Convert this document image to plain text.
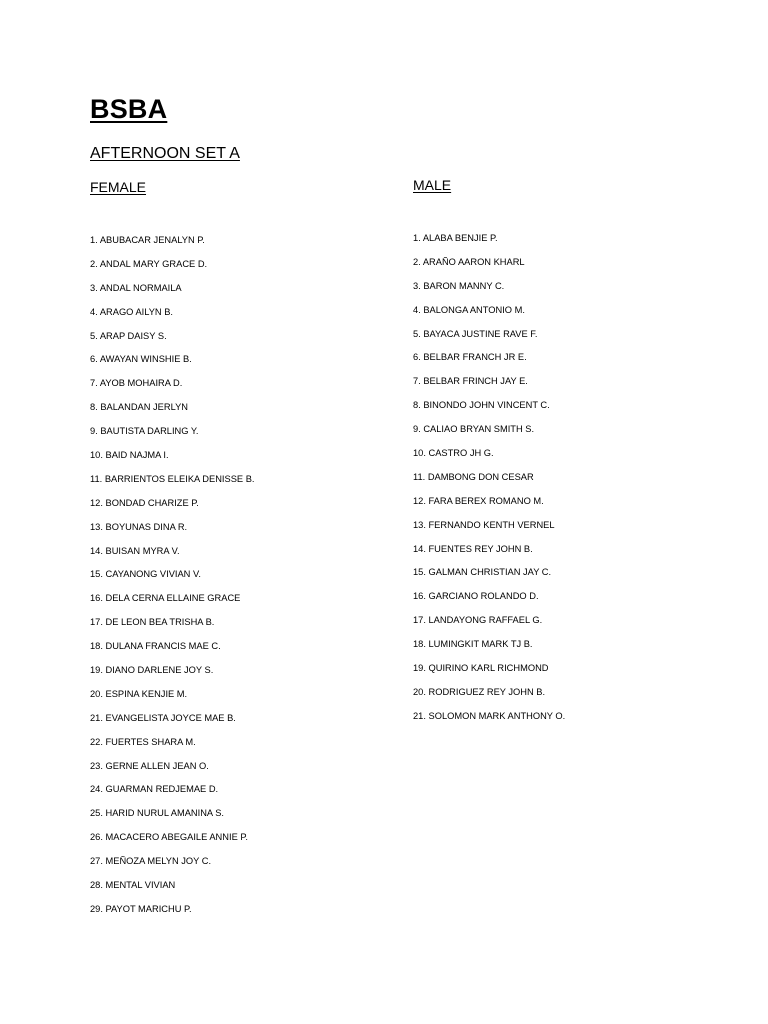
BSBA
AFTERNOON SET A
FEMALE	MALE
1. ABUBACAR JENALYN P.
2. ANDAL MARY GRACE D.
3. ANDAL NORMAILA
4. ARAGO AILYN B.
5. ARAP DAISY S.
6. AWAYAN WINSHIE B.
7. AYOB MOHAIRA D.
8. BALANDAN JERLYN
9. BAUTISTA DARLING Y.
10. BAID NAJMA I.
11. BARRIENTOS ELEIKA DENISSE B.
12. BONDAD CHARIZE P.
13. BOYUNAS DINA R.
14. BUISAN MYRA V.
15. CAYANONG VIVIAN V.
16. DELA CERNA ELLAINE GRACE
17. DE LEON BEA TRISHA B.
18. DULANA FRANCIS MAE C.
19. DIANO DARLENE JOY S.
20. ESPINA KENJIE M.
21. EVANGELISTA JOYCE MAE B.
22. FUERTES SHARA M.
23. GERNE ALLEN JEAN O.
24. GUARMAN REDJEMAE D.
25. HARID NURUL AMANINA S.
26. MACACERO ABEGAILE ANNIE P.
27. MEÑOZA MELYN JOY C.
28. MENTAL VIVIAN
29. PAYOT MARICHU P.
1. ALABA BENJIE P.
2. ARAÑO AARON KHARL
3. BARON MANNY C.
4. BALONGA ANTONIO M.
5. BAYACA JUSTINE RAVE F.
6. BELBAR FRANCH JR E.
7. BELBAR FRINCH JAY E.
8. BINONDO JOHN VINCENT C.
9. CALIAO BRYAN SMITH S.
10. CASTRO JH G.
11. DAMBONG DON CESAR
12. FARA BEREX ROMANO M.
13. FERNANDO KENTH VERNEL
14. FUENTES REY JOHN B.
15. GALMAN CHRISTIAN JAY C.
16. GARCIANO ROLANDO D.
17. LANDAYONG RAFFAEL G.
18. LUMINGKIT MARK TJ B.
19. QUIRINO KARL RICHMOND
20. RODRIGUEZ REY JOHN B.
21. SOLOMON MARK ANTHONY O.
